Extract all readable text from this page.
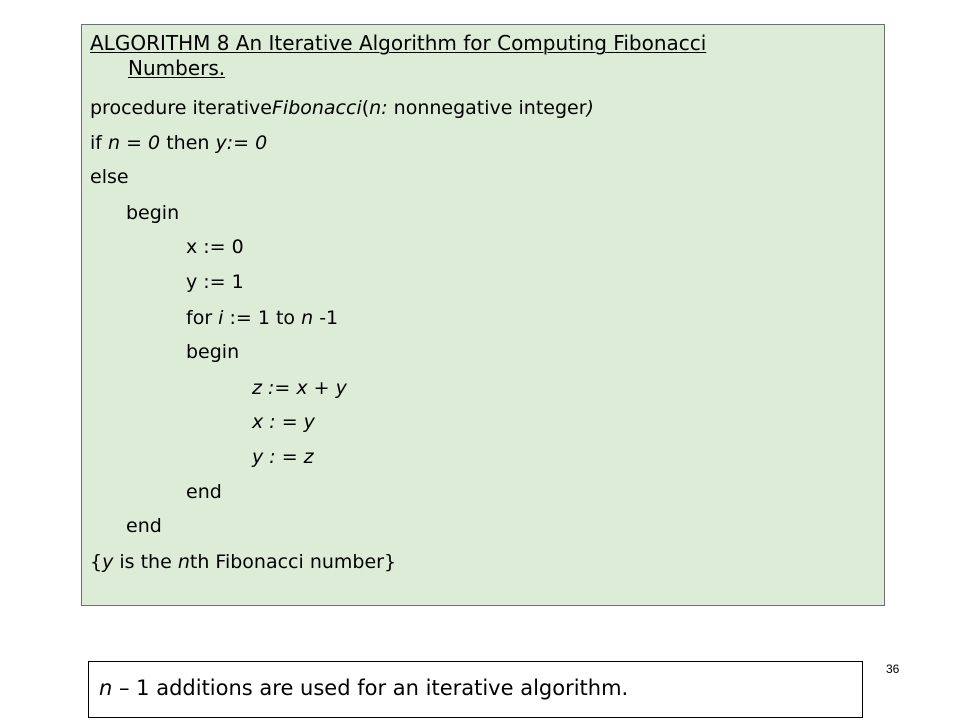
ALGORITHM 8 An Iterative Algorithm for Computing Fibonacci
Numbers.
procedure iterativeFibonacci(n: nonnegative integer)
if n = 0 then y:= 0
else
begin
x := 0
y := 1
for i := 1 to n -1
begin
z := x + y
x : = y
y : = z
end
end
{y is the nth Fibonacci number}
n – 1 additions are used for an iterative algorithm.
36
